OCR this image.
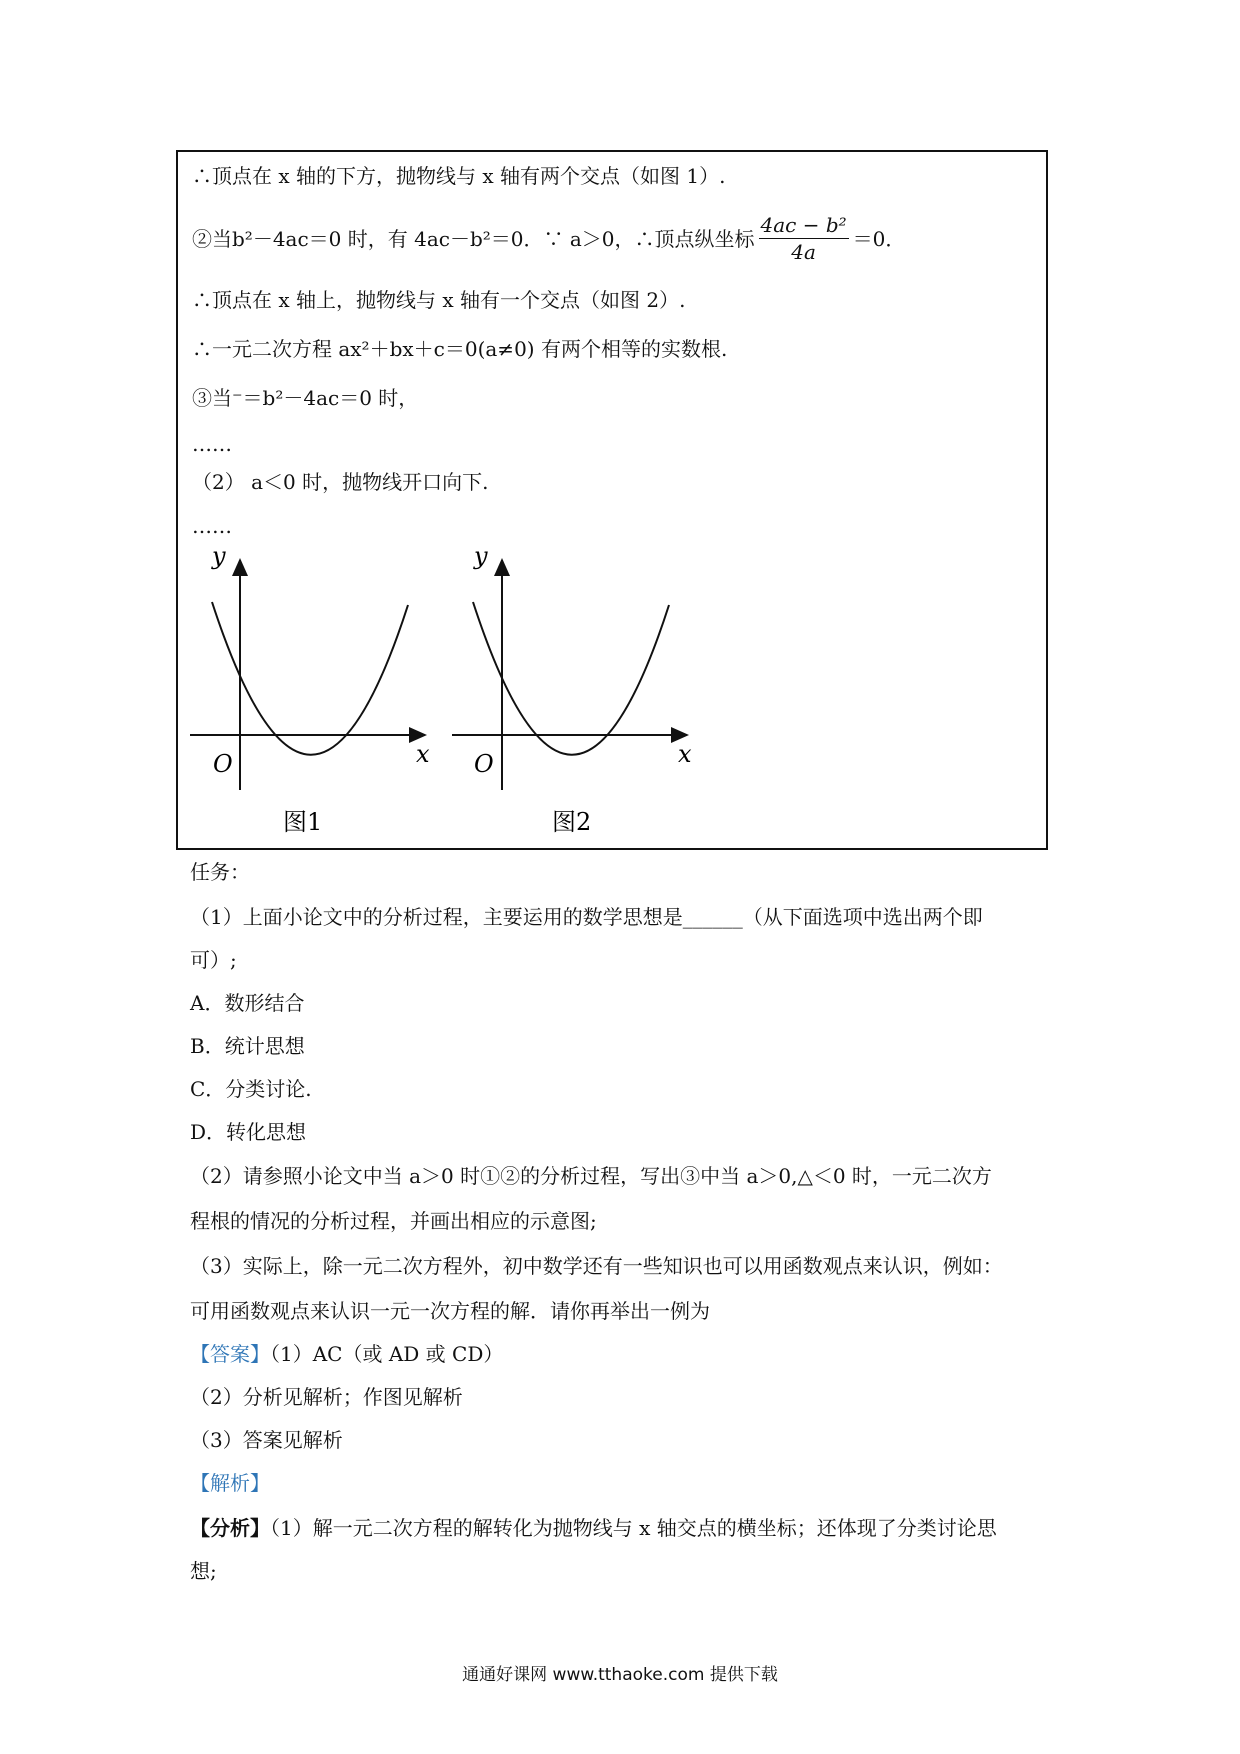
∴顶点在 x 轴的下方，抛物线与 x 轴有两个交点（如图 1）.
②当b²－4ac＝0 时，有 4ac－b²＝0．∵ a＞0，∴顶点纵坐标 $\frac{\text{4ac − b²}}{4a} =0$．
∴顶点在 x 轴上，抛物线与 x 轴有一个交点（如图 2）.
∴一元二次方程 ax²＋bx＋c＝0(a≠0) 有两个相等的实数根.
③当⁻＝b²－4ac＝0 时，
……
（2） a＜0 时，抛物线开口向下.
……
y
x
O
图1
y
x
O
图2
任务：
（1）上面小论文中的分析过程，主要运用的数学思想是______（从下面选项中选出两个即
可）;
A．数形结合
B．统计思想
C．分类讨论.
D．转化思想
（2）请参照小论文中当 a＞0 时①②的分析过程，写出③中当 a＞0,△＜0 时，一元二次方
程根的情况的分析过程，并画出相应的示意图;
（3）实际上，除一元二次方程外，初中数学还有一些知识也可以用函数观点来认识，例如：
可用函数观点来认识一元一次方程的解．请你再举出一例为
【答案】（1）AC（或 AD 或 CD）
（2）分析见解析；作图见解析
（3）答案见解析
【解析】
【分析】（1）解一元二次方程的解转化为抛物线与 x 轴交点的横坐标；还体现了分类讨论思
想;
通通好课网 www.tthaoke.com 提供下载
